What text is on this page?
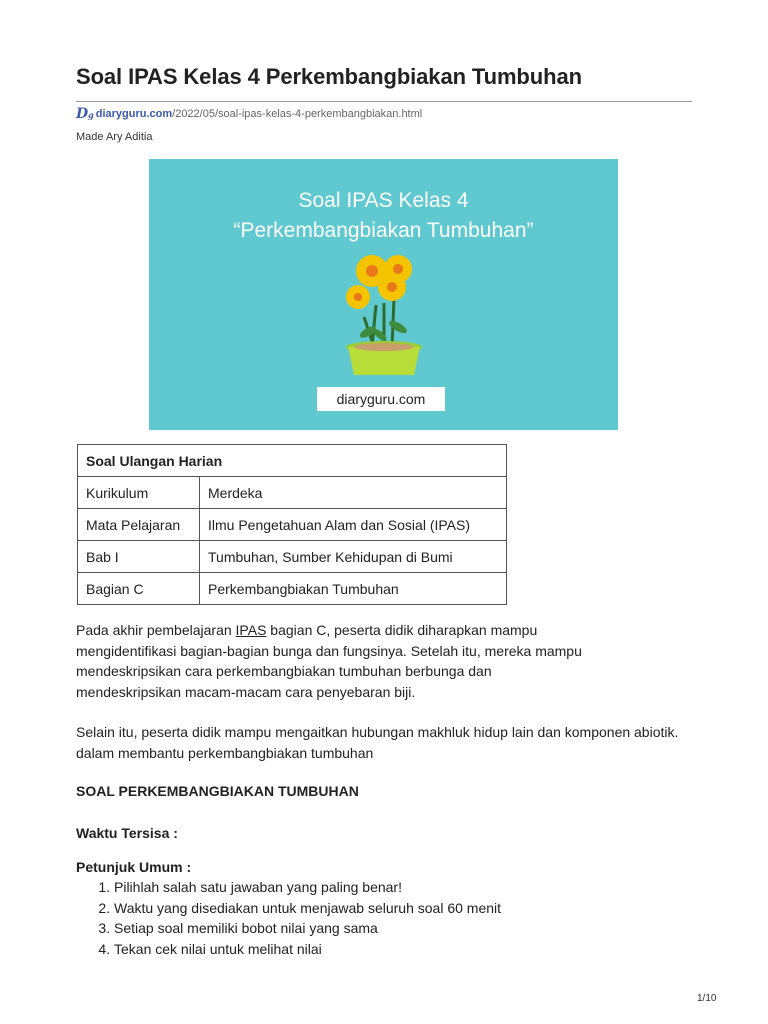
Soal IPAS Kelas 4 Perkembangbiakan Tumbuhan
Dg diaryguru.com/2022/05/soal-ipas-kelas-4-perkembangbiakan.html
Made Ary Aditia
Soal IPAS Kelas 4
“Perkembangbiakan Tumbuhan”
diaryguru.com
Soal Ulangan Harian	
Kurikulum	Merdeka
Mata Pelajaran	Ilmu Pengetahuan Alam dan Sosial (IPAS)
Bab I	Tumbuhan, Sumber Kehidupan di Bumi
Bagian C	Perkembangbiakan Tumbuhan

Pada akhir pembelajaran IPAS bagian C, peserta didik diharapkan mampu mengidentifikasi bagian-bagian bunga dan fungsinya. Setelah itu, mereka mampu mendeskripsikan cara perkembangbiakan tumbuhan berbunga dan mendeskripsikan macam-macam cara penyebaran biji.

Selain itu, peserta didik mampu mengaitkan hubungan makhluk hidup lain dan komponen abiotik. dalam membantu perkembangbiakan tumbuhan

SOAL PERKEMBANGBIAKAN TUMBUHAN
Waktu Tersisa :
Petunjuk Umum :
1. Pilihlah salah satu jawaban yang paling benar!
2. Waktu yang disediakan untuk menjawab seluruh soal 60 menit
3. Setiap soal memiliki bobot nilai yang sama
4. Tekan cek nilai untuk melihat nilai
1/10
